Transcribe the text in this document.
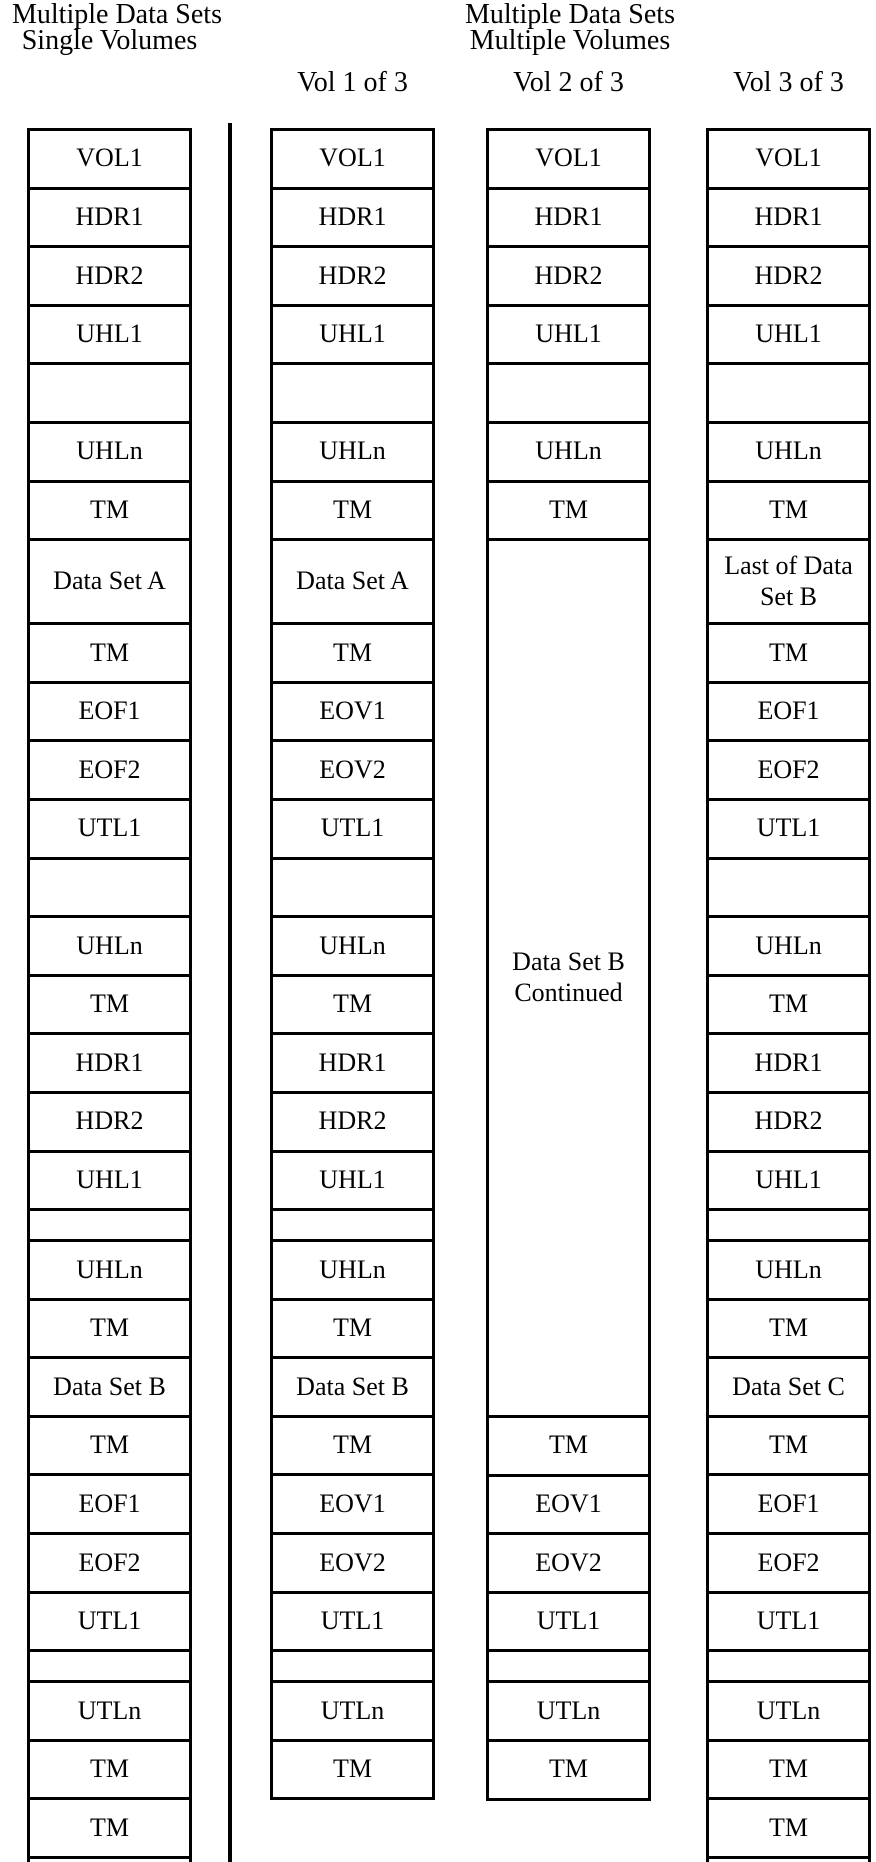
Multiple Data Sets
Single Volumes
Multiple Data Sets
Multiple Volumes
VOL1
HDR1
HDR2
UHL1
UHLn
TM
Data Set A
TM
EOF1
EOF2
UTL1
UHLn
TM
HDR1
HDR2
UHL1
UHLn
TM
Data Set B
TM
EOF1
EOF2
UTL1
UTLn
TM
TM
Vol 1 of 3
VOL1
HDR1
HDR2
UHL1
UHLn
TM
Data Set A
TM
EOV1
EOV2
UTL1
UHLn
TM
HDR1
HDR2
UHL1
UHLn
TM
Data Set B
TM
EOV1
EOV2
UTL1
UTLn
TM
Vol 2 of 3
VOL1
HDR1
HDR2
UHL1
UHLn
TM
Data Set B Continued
TM
EOV1
EOV2
UTL1
UTLn
TM
Vol 3 of 3
VOL1
HDR1
HDR2
UHL1
UHLn
TM
Last of Data Set B
TM
EOF1
EOF2
UTL1
UHLn
TM
HDR1
HDR2
UHL1
UHLn
TM
Data Set C
TM
EOF1
EOF2
UTL1
UTLn
TM
TM
